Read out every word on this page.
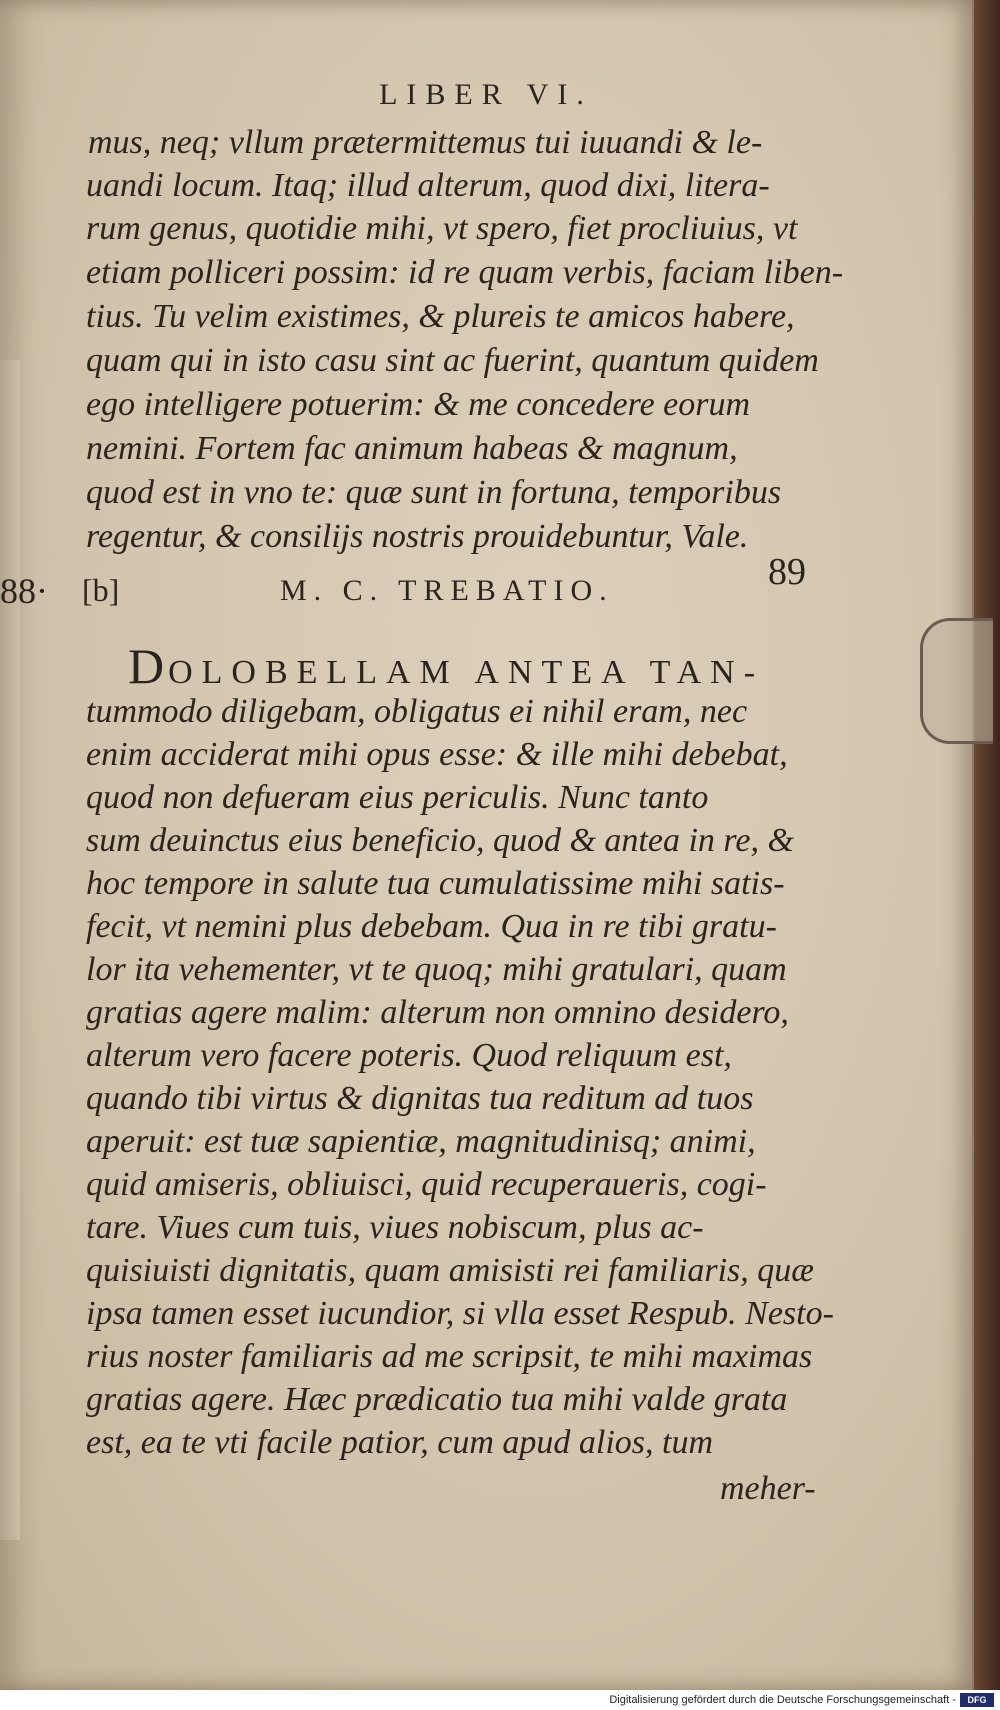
LIBER VI.

mus, neq; vllum prætermittemus tui iuuandi & le-

uandi locum. Itaq; illud alterum, quod dixi, litera-

rum genus, quotidie mihi, vt spero, fiet procliuius, vt

etiam polliceri possim: id re quam verbis, faciam liben-

tius. Tu velim existimes, & plureis te amicos habere,

quam qui in isto casu sint ac fuerint, quantum quidem

ego intelligere potuerim: & me concedere eorum

nemini. Fortem fac animum habeas & magnum,

quod est in vno te: quæ sunt in fortuna, temporibus

regentur, & consilijs nostris prouidebuntur, Vale.

88· [b]	M. C. TREBATIO.	89

DOLOBELLAM ANTEA TAN-

tummodo diligebam, obligatus ei nihil eram, nec

enim acciderat mihi opus esse: & ille mihi debebat,

quod non defueram eius periculis. Nunc tanto

sum deuinctus eius beneficio, quod & antea in re, &

hoc tempore in salute tua cumulatissime mihi satis-

fecit, vt nemini plus debebam. Qua in re tibi gratu-

lor ita vehementer, vt te quoq; mihi gratulari, quam

gratias agere malim: alterum non omnino desidero,

alterum vero facere poteris. Quod reliquum est,

quando tibi virtus & dignitas tua reditum ad tuos

aperuit: est tuæ sapientiæ, magnitudinisq; animi,

quid amiseris, obliuisci, quid recuperaueris, cogi-

tare. Viues cum tuis, viues nobiscum, plus ac-

quisiuisti dignitatis, quam amisisti rei familiaris, quæ

ipsa tamen esset iucundior, si vlla esset Respub. Nesto-

rius noster familiaris ad me scripsit, te mihi maximas

gratias agere. Hæc prædicatio tua mihi valde grata

est, ea te vti facile patior, cum apud alios, tum

meher-

Digitalisierung gefördert durch die Deutsche Forschungsgemeinschaft - DFG
